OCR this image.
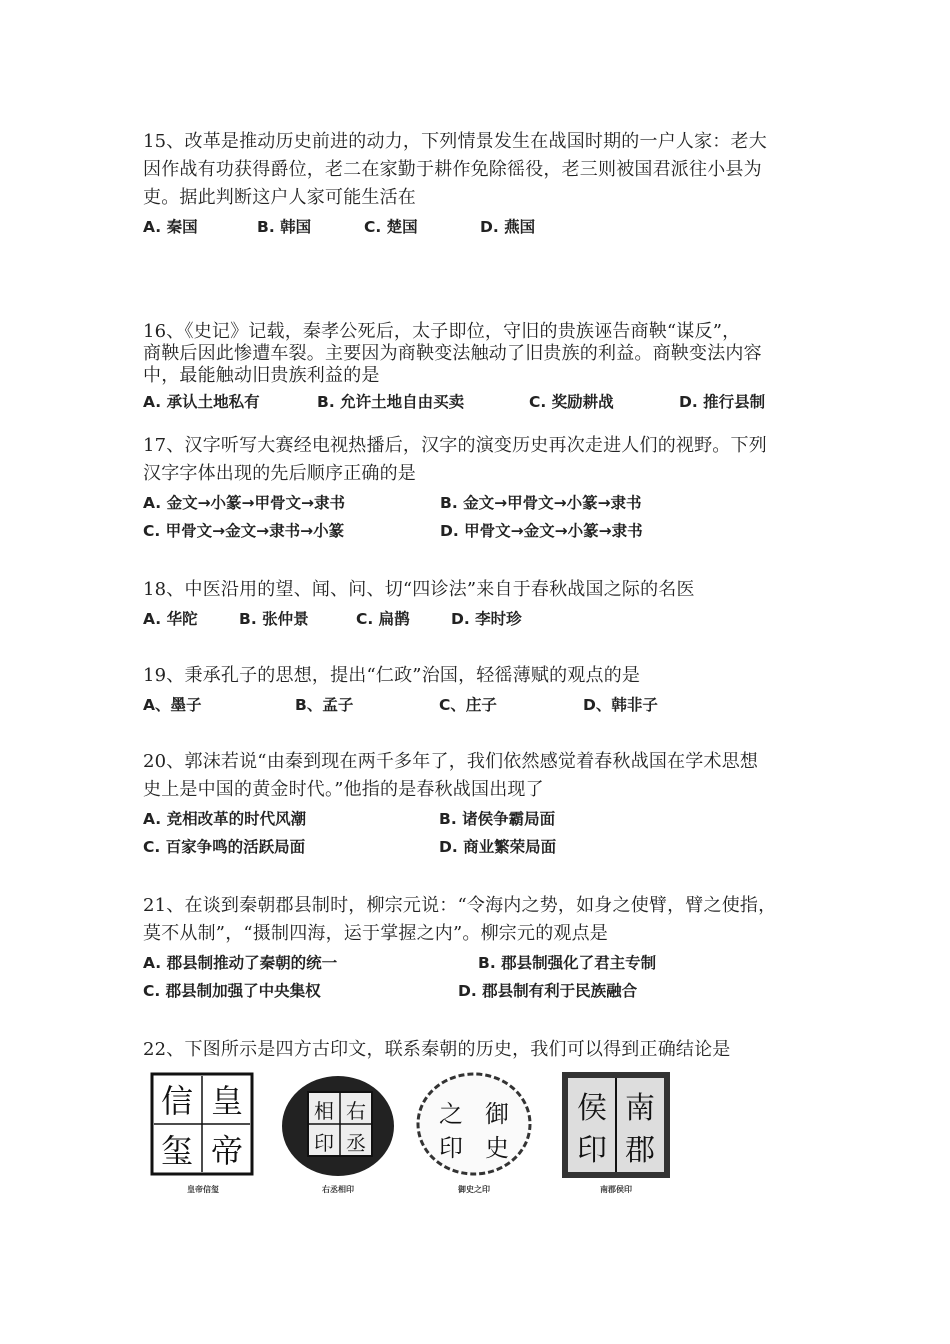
15、改革是推动历史前进的动力，下列情景发生在战国时期的一户人家：老大
因作战有功获得爵位，老二在家勤于耕作免除徭役，老三则被国君派往小县为
吏。据此判断这户人家可能生活在

A. 秦国	B. 韩国	C. 楚国	D. 燕国

16、《史记》记载，秦孝公死后，太子即位，守旧的贵族诬告商鞅“谋反”，
商鞅后因此惨遭车裂。主要因为商鞅变法触动了旧贵族的利益。商鞅变法内容
中，最能触动旧贵族利益的是

A. 承认土地私有	B. 允许土地自由买卖	C. 奖励耕战	D. 推行县制

17、汉字听写大赛经电视热播后，汉字的演变历史再次走进人们的视野。下列
汉字字体出现的先后顺序正确的是

A. 金文→小篆→甲骨文→隶书	B. 金文→甲骨文→小篆→隶书
C. 甲骨文→金文→隶书→小篆	D. 甲骨文→金文→小篆→隶书

18、中医沿用的望、闻、问、切“四诊法”来自于春秋战国之际的名医

A. 华陀	B. 张仲景	C. 扁鹊	D. 李时珍

19、秉承孔子的思想，提出“仁政”治国，轻徭薄赋的观点的是

A、墨子	B、孟子	C、庄子	D、韩非子

20、郭沫若说“由秦到现在两千多年了，我们依然感觉着春秋战国在学术思想
史上是中国的黄金时代。”他指的是春秋战国出现了

A. 竞相改革的时代风潮	B. 诸侯争霸局面
C. 百家争鸣的活跃局面	D. 商业繁荣局面

21、在谈到秦朝郡县制时，柳宗元说：“令海内之势，如身之使臂，臂之使指，
莫不从制”，“摄制四海，运于掌握之内”。柳宗元的观点是

A. 郡县制推动了秦朝的统一	B. 郡县制强化了君主专制
C. 郡县制加强了中央集权	D. 郡县制有利于民族融合

22、下图所示是四方古印文，联系秦朝的历史，我们可以得到正确结论是

信 皇
玺 帝
皇帝信玺
相 右
印 丞
右丞相印
之 御
印 史
御史之印
侯 南
印 郡
南郡侯印
